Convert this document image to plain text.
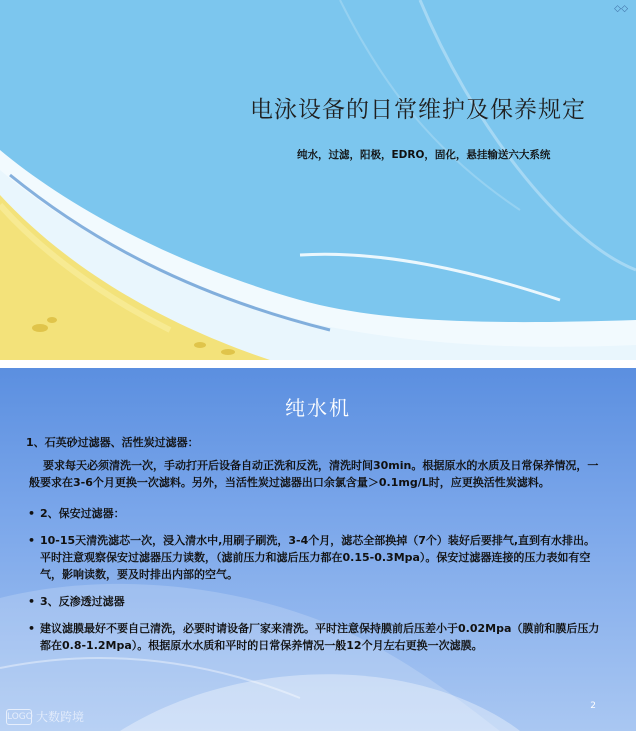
◇◇
电泳设备的日常维护及保养规定
纯水，过滤，阳极，EDRO，固化，悬挂输送六大系统
纯水机
1、石英砂过滤器、活性炭过滤器：
要求每天必须清洗一次，手动打开后设备自动正洗和反洗，清洗时间30min。根据原水的水质及日常保养情况，一般要求在3-6个月更换一次滤料。另外，当活性炭过滤器出口余氯含量＞0.1mg/L时，应更换活性炭滤料。
• 2、保安过滤器：
• 10-15天清洗滤芯一次，浸入清水中,用刷子刷洗，3-4个月，滤芯全部换掉（7个）装好后要排气,直到有水排出。平时注意观察保安过滤器压力读数，（滤前压力和滤后压力都在0.15-0.3Mpa）。保安过滤器连接的压力表如有空气，影响读数，要及时排出内部的空气。
• 3、反渗透过滤器
• 建议滤膜最好不要自己清洗，必要时请设备厂家来清洗。平时注意保持膜前后压差小于0.02Mpa（膜前和膜后压力都在0.8-1.2Mpa）。根据原水水质和平时的日常保养情况一般12个月左右更换一次滤膜。
2
LOGO 大数跨境
